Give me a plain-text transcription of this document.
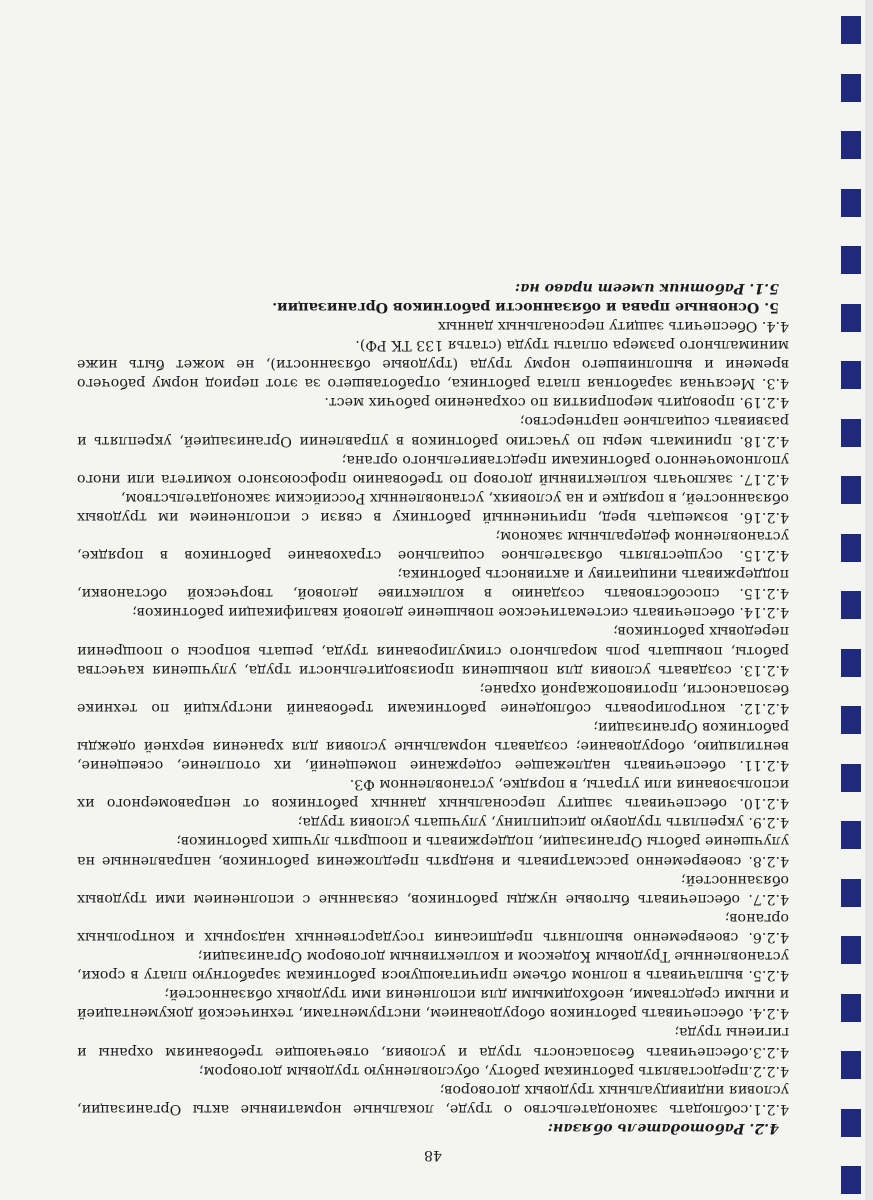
48
4.2. Работодатель обязан:

4.2.1.соблюдать законодательство о труде, локальные нормативные акты Организации, условия индивидуальных трудовых договоров;

4.2.2.предоставлять работникам работу, обусловленную трудовым договором;

4.2.3.обеспечивать безопасность труда и условия, отвечающие требованиям охраны и гигиены труда;

4.2.4. обеспечивать работников оборудованием, инструментами, технической документацией и иными средствами, необходимыми для исполнения ими трудовых обязанностей;

4.2.5. выплачивать в полном объеме причитающуюся работникам заработную плату в сроки, установленные Трудовым Кодексом и коллективным договором Организации;

4.2.6. своевременно выполнять предписания государственных надзорных и контрольных органов;

4.2.7. обеспечивать бытовые нужды работников, связанные с исполнением ими трудовых обязанностей;

4.2.8. своевременно рассматривать и внедрять предложения работников, направленные на улучшение работы Организации, поддерживать и поощрять лучших работников;

4.2.9. укреплять трудовую дисциплину, улучшать условия труда;

4.2.10. обеспечивать защиту персональных данных работников от неправомерного их использования или утраты, в порядке, установленном ФЗ.

4.2.11. обеспечивать надлежащее содержание помещений, их отопление, освещение, вентиляцию, оборудование; создавать нормальные условия для хранения верхней одежды работников Организации;

4.2.12. контролировать соблюдение работниками требований инструкций по технике безопасности, противопожарной охране;

4.2.13. создавать условия для повышения производительности труда, улучшения качества работы, повышать роль морального стимулирования труда, решать вопросы о поощрении передовых работников;

4.2.14. обеспечивать систематическое повышение деловой квалификации работников;

4.2.15. способствовать созданию в коллективе деловой, творческой обстановки, поддерживать инициативу и активность работника;

4.2.15. осуществлять обязательное социальное страхование работников в порядке, установленном федеральным законом;

4.2.16. возмещать вред, причиненный работнику в связи с исполнением им трудовых обязанностей, в порядке и на условиях, установленных Российским законодательством,

4.2.17. заключать коллективный договор по требованию профсоюзного комитета или иного уполномоченного работниками представительного органа;

4.2.18. принимать меры по участию работников в управлении Организацией, укреплять и развивать социальное партнерство;

4.2.19. проводить мероприятия по сохранению рабочих мест.

4.3. Месячная заработная плата работника, отработавшего за этот период норму рабочего времени и выполнившего норму труда (трудовые обязанности), не может быть ниже минимального размера оплаты труда (статья 133 ТК РФ).

4.4. Обеспечить защиту персональных данных

5. Основные права и обязанности работников Организации.
5.1. Работник имеет право на:
